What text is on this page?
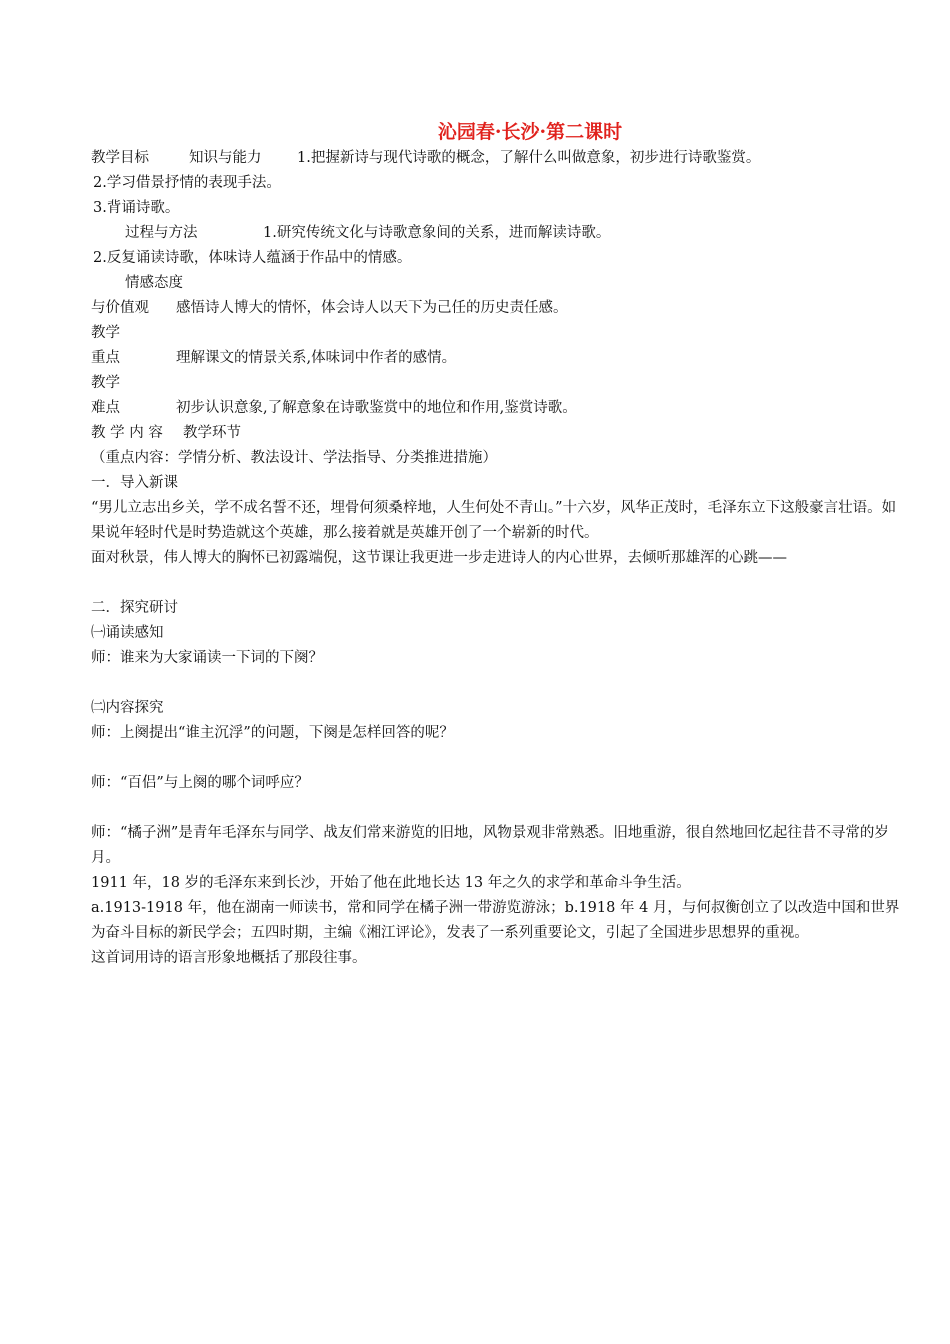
沁园春·长沙·第二课时
教学目标	知识与能力 1.把握新诗与现代诗歌的概念，了解什么叫做意象，初步进行诗歌鉴赏。
2.学习借景抒情的表现手法。
3.背诵诗歌。
过程与方法	1.研究传统文化与诗歌意象间的关系，进而解读诗歌。
2.反复诵读诗歌，体味诗人蕴涵于作品中的情感。
情感态度
与价值观 感悟诗人博大的情怀，体会诗人以天下为己任的历史责任感。
教学
重点	理解课文的情景关系,体味词中作者的感情。
教学
难点	初步认识意象,了解意象在诗歌鉴赏中的地位和作用,鉴赏诗歌。
教 学 内 容 教学环节
（重点内容：学情分析、教法设计、学法指导、分类推进措施）
一．导入新课
“男儿立志出乡关，学不成名誓不还，埋骨何须桑梓地，人生何处不青山。”十六岁，风华正茂时，毛泽东立下这般豪言壮语。如果说年轻时代是时势造就这个英雄，那么接着就是英雄开创了一个崭新的时代。
面对秋景，伟人博大的胸怀已初露端倪，这节课让我更进一步走进诗人的内心世界，去倾听那雄浑的心跳——
二．探究研讨
㈠诵读感知
师：谁来为大家诵读一下词的下阕？
㈡内容探究
师：上阕提出“谁主沉浮”的问题，下阕是怎样回答的呢？
师：“百侣”与上阕的哪个词呼应？
师：“橘子洲”是青年毛泽东与同学、战友们常来游览的旧地，风物景观非常熟悉。旧地重游，很自然地回忆起往昔不寻常的岁月。
1911 年，18 岁的毛泽东来到长沙，开始了他在此地长达 13 年之久的求学和革命斗争生活。
a.1913-1918 年，他在湖南一师读书，常和同学在橘子洲一带游览游泳；b.1918 年 4 月，与何叔衡创立了以改造中国和世界为奋斗目标的新民学会；五四时期，主编《湘江评论》，发表了一系列重要论文，引起了全国进步思想界的重视。
这首词用诗的语言形象地概括了那段往事。
